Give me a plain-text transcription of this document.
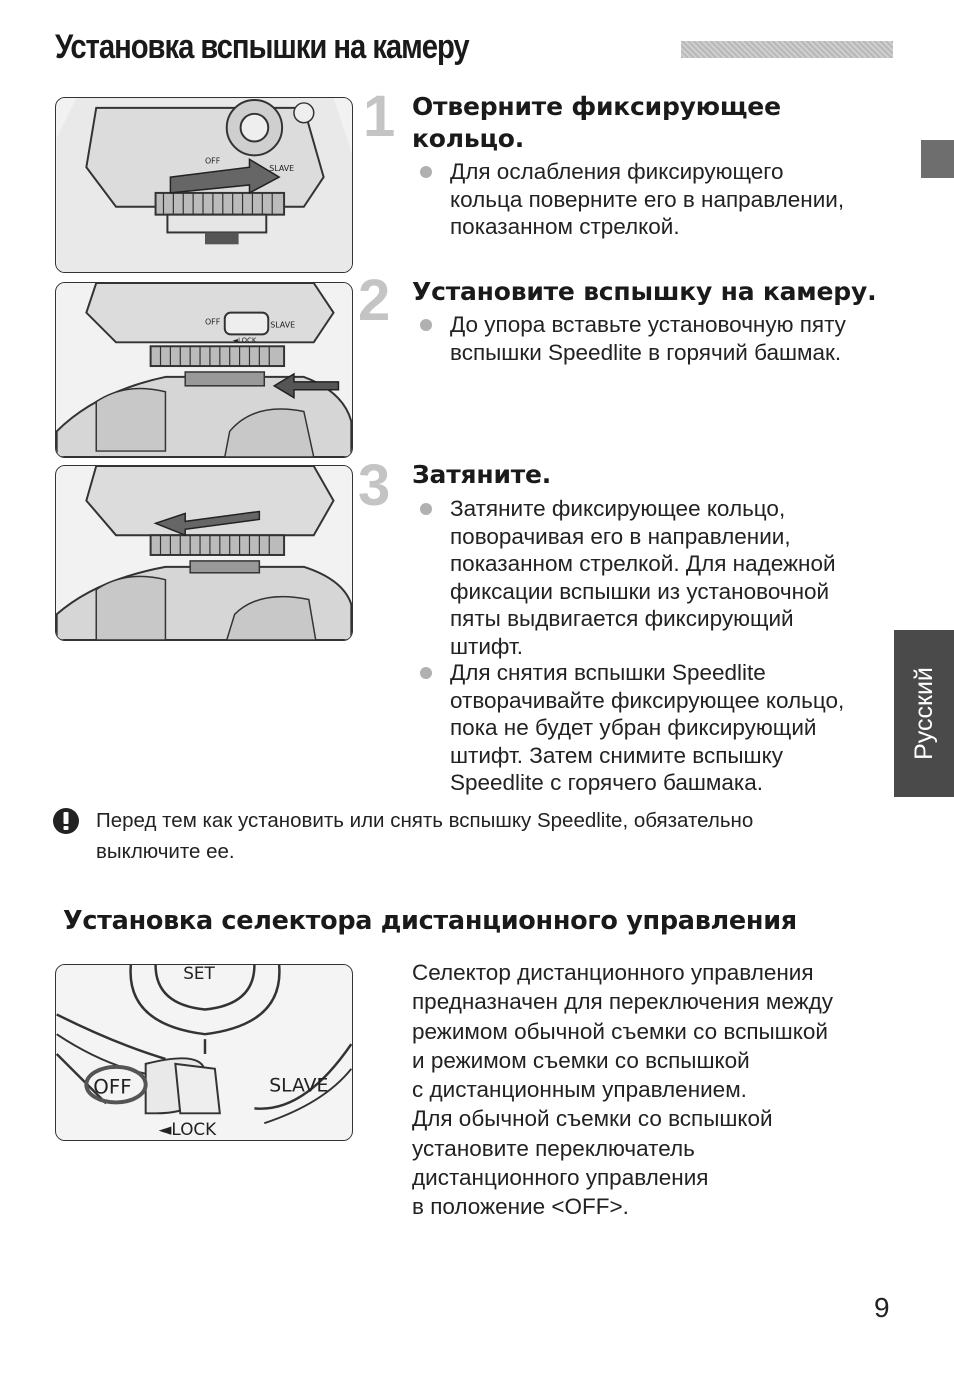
Установка вспышки на камеру
Русский
OFF
SLAVE
OFF	SLAVE
◄LOCK
1
2
3
Отверните фиксирующее
кольцо.
Для ослабления фиксирующего
кольца поверните его в направлении,
показанном стрелкой.
Установите вспышку на камеру.
До упора вставьте установочную пяту
вспышки Speedlite в горячий башмак.
Затяните.
Затяните фиксирующее кольцо,
поворачивая его в направлении,
показанном стрелкой. Для надежной
фиксации вспышки из установочной
пяты выдвигается фиксирующий
штифт.
Для снятия вспышки Speedlite
отворачивайте фиксирующее кольцо,
пока не будет убран фиксирующий
штифт. Затем снимите вспышку
Speedlite с горячего башмака.
Перед тем как установить или снять вспышку Speedlite, обязательно
выключите ее.
Установка селектора дистанционного управления
SET
OFF	SLAVE
◄LOCK

Селектор дистанционного управления

предназначен для переключения между

режимом обычной съемки со вспышкой

и режимом съемки со вспышкой

с дистанционным управлением.

Для обычной съемки со вспышкой

установите переключатель

дистанционного управления

в положение <OFF>.

9
